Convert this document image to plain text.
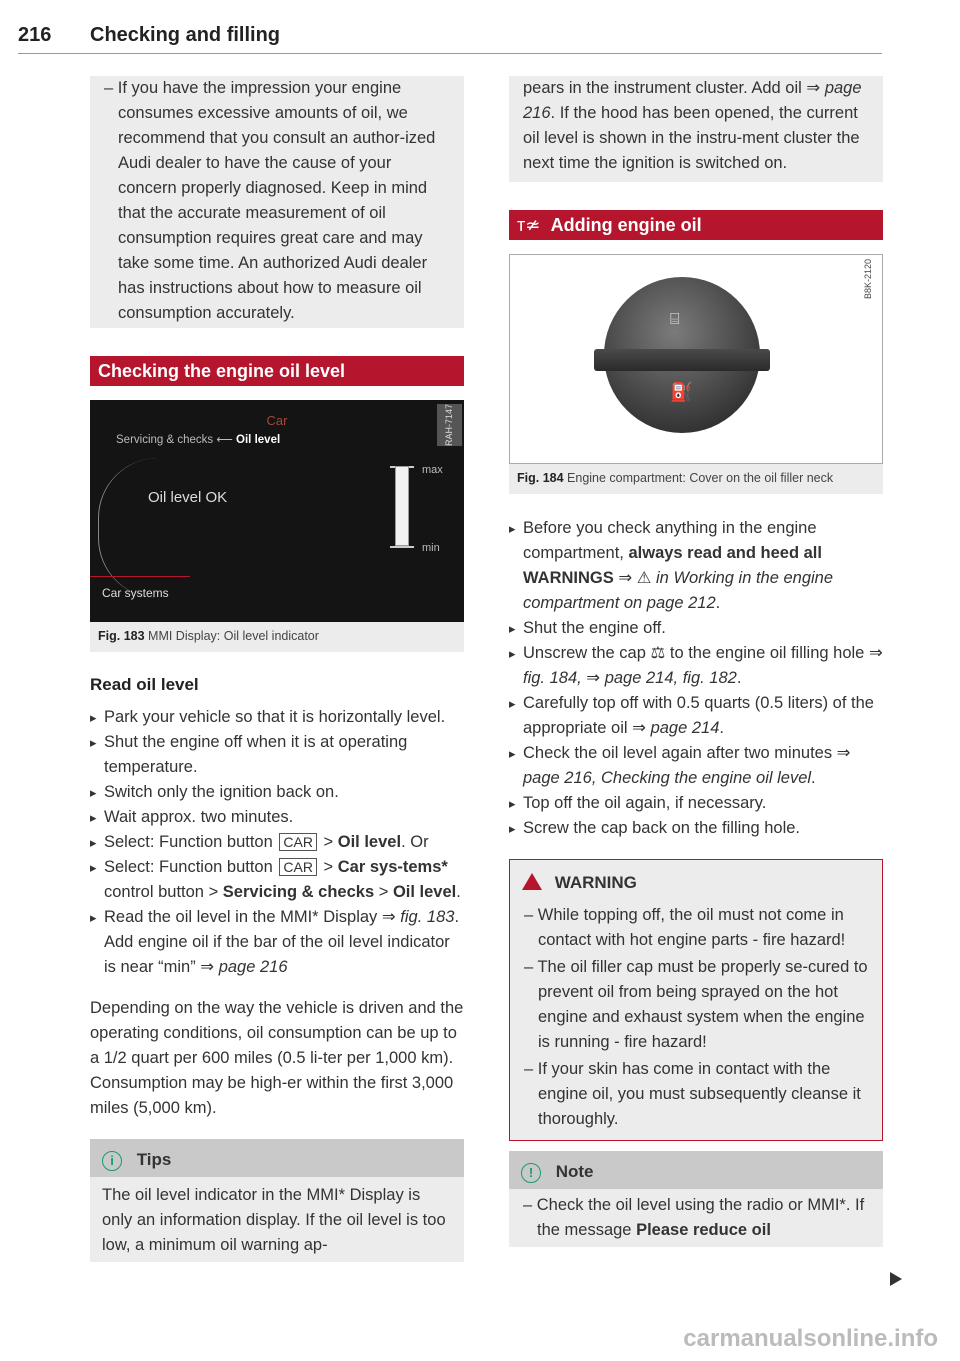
216 Checking and filling

– If you have the impression your engine consumes excessive amounts of oil, we recommend that you consult an author-ized Audi dealer to have the cause of your concern properly diagnosed. Keep in mind that the accurate measurement of oil consumption requires great care and may take some time. An authorized Audi dealer has instructions about how to measure oil consumption accurately.

Checking the engine oil level
Car
Servicing & checks ⟵ Oil level
Oil level OK
max
min
Car systems
RAH-7147
Fig. 183 MMI Display: Oil level indicator
Read oil level
▸ Park your vehicle so that it is horizontally level.
▸ Shut the engine off when it is at operating temperature.
▸ Switch only the ignition back on.
▸ Wait approx. two minutes.
▸ Select: Function button CAR > Oil level. Or
▸ Select: Function button CAR > Car sys-tems* control button > Servicing & checks > Oil level.
▸ Read the oil level in the MMI* Display ⇒ fig. 183. Add engine oil if the bar of the oil level indicator is near “min” ⇒ page 216

Depending on the way the vehicle is driven and the operating conditions, oil consumption can be up to a 1/2 quart per 600 miles (0.5 li-ter per 1,000 km). Consumption may be high-er within the first 3,000 miles (5,000 km).

i Tips
The oil level indicator in the MMI* Display is only an information display. If the oil level is too low, a minimum oil warning ap-
pears in the instrument cluster. Add oil ⇒ page 216. If the hood has been opened, the current oil level is shown in the instru-ment cluster the next time the ignition is switched on.
ᴛ≄ Adding engine oil
⌸
⛽
B8K-2120
Fig. 184 Engine compartment: Cover on the oil filler neck
▸ Before you check anything in the engine compartment, always read and heed all WARNINGS ⇒ ⚠ in Working in the engine compartment on page 212.
▸ Shut the engine off.
▸ Unscrew the cap ⚖ to the engine oil filling hole ⇒ fig. 184, ⇒ page 214, fig. 182.
▸ Carefully top off with 0.5 quarts (0.5 liters) of the appropriate oil ⇒ page 214.
▸ Check the oil level again after two minutes ⇒ page 216, Checking the engine oil level.
▸ Top off the oil again, if necessary.
▸ Screw the cap back on the filling hole.
WARNING

– While topping off, the oil must not come in contact with hot engine parts - fire hazard!

– The oil filler cap must be properly se-cured to prevent oil from being sprayed on the hot engine and exhaust system when the engine is running - fire hazard!

– If your skin has come in contact with the engine oil, you must subsequently cleanse it thoroughly.

! Note

– Check the oil level using the radio or MMI*. If the message Please reduce oil

carmanualsonline.info
